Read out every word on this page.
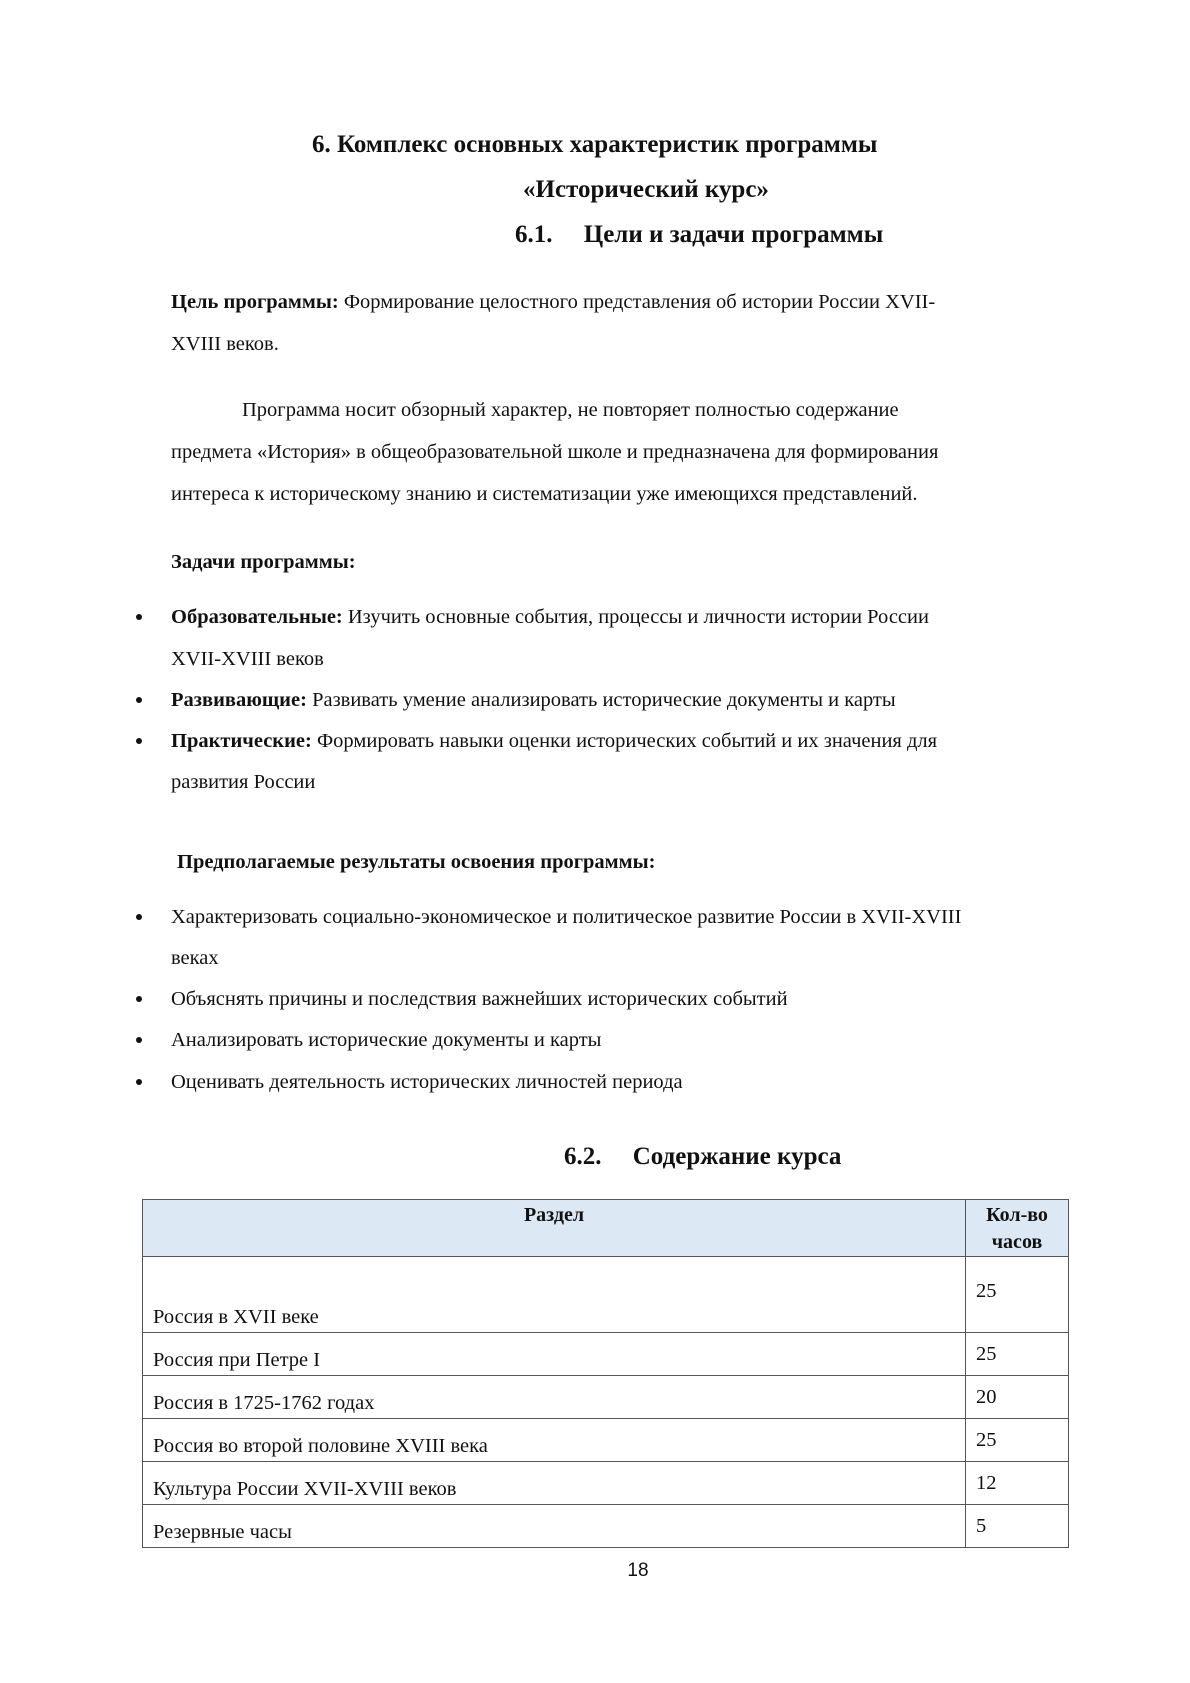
6. Комплекс основных характеристик программы
«Исторический курс»
6.1.     Цели и задачи программы
Цель программы: Формирование целостного представления об истории России XVII-
XVIII веков.
Программа носит обзорный характер, не повторяет полностью содержание
предмета «История» в общеобразовательной школе и предназначена для формирования
интереса к историческому знанию и систематизации уже имеющихся представлений.
Задачи программы:
Образовательные: Изучить основные события, процессы и личности истории России
XVII-XVIII веков
Развивающие: Развивать умение анализировать исторические документы и карты
Практические: Формировать навыки оценки исторических событий и их значения для
развития России
Предполагаемые результаты освоения программы:
Характеризовать социально-экономическое и политическое развитие России в XVII-XVIII
веках
Объяснять причины и последствия важнейших исторических событий
Анализировать исторические документы и карты
Оценивать деятельность исторических личностей периода
6.2.     Содержание курса
Раздел	Кол-во
часов
Россия в XVII веке	25
Россия при Петре I	25
Россия в 1725-1762 годах	20
Россия во второй половине XVIII века	25
Культура России XVII-XVIII веков	12
Резервные часы	5
18
